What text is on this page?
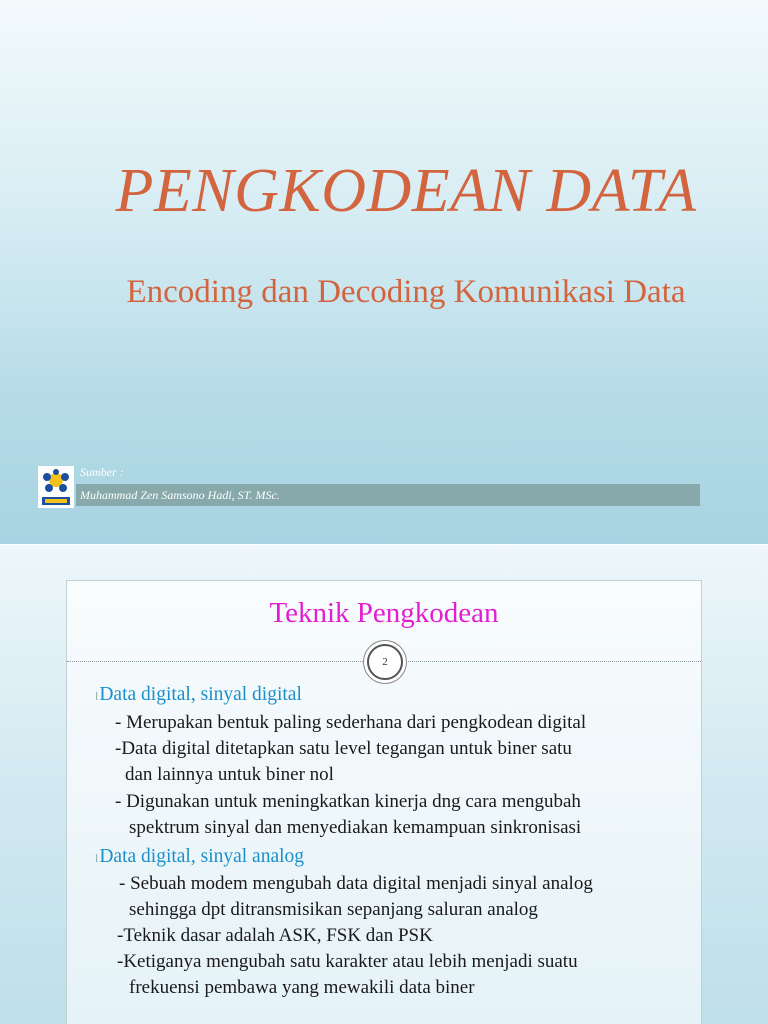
PENGKODEAN DATA
Encoding dan Decoding Komunikasi Data
Sumber :
Muhammad Zen Samsono Hadi, ST. MSc.
Teknik Pengkodean
2
lData digital, sinyal digital
- Merupakan bentuk paling sederhana dari pengkodean digital
-Data digital ditetapkan satu level tegangan untuk biner satu
dan lainnya untuk biner nol
- Digunakan untuk meningkatkan kinerja dng cara mengubah
spektrum sinyal dan menyediakan kemampuan sinkronisasi
lData digital, sinyal analog
- Sebuah modem mengubah data digital menjadi sinyal analog
sehingga dpt ditransmisikan sepanjang saluran analog
-Teknik dasar adalah ASK, FSK dan PSK
-Ketiganya mengubah satu karakter atau lebih menjadi suatu
frekuensi pembawa yang mewakili data biner
